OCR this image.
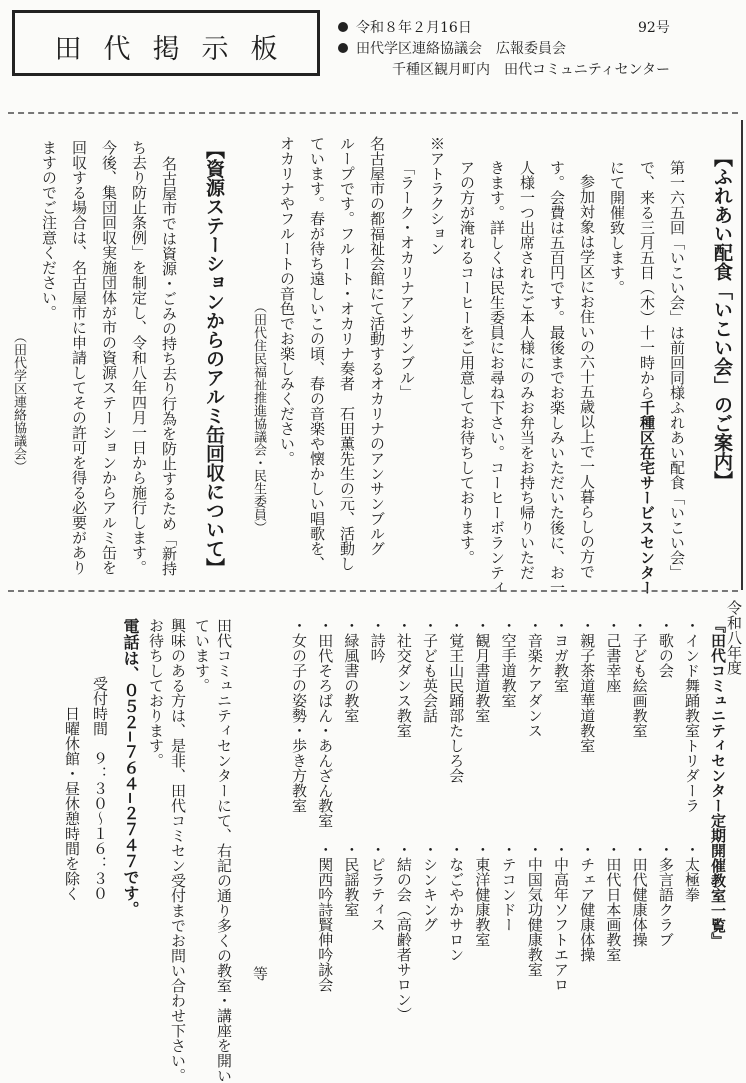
田代掲示板
令和８年２月16日	92号
田代学区連絡協議会　広報委員会
千種区観月町内　田代コミュニティセンター
【ふれあい配食「いこい会」のご案内】
第一六五回「いこい会」は前回同様ふれあい配食「いこい会」
で、来る三月五日（木）十一時から千種区在宅サービスセンター
にて開催致します。
参加対象は学区にお住いの六十五歳以上で一人暮らしの方で
す。会費は五百円です。最後までお楽しみいただいた後に、お一
人様一つ出席されたご本人様にのみお弁当をお持ち帰りいただ
きます。詳しくは民生委員にお尋ね下さい。コーヒーボランティ
アの方が淹れるコーヒーをご用意してお待ちしております。
※アトラクション
「ラーク・オカリナアンサンブル」
名古屋市の都福祉会館にて活動するオカリナのアンサンブルグ
ループです。フルート・オカリナ奏者　石田薫先生の元、活動し
ています。春が待ち遠しいこの頃、春の音楽や懐かしい唱歌を、
オカリナやフルートの音色でお楽しみください。
（田代住民福祉推進協議会・民生委員）
【資源ステーションからのアルミ缶回収について】
名古屋市では資源・ごみの持ち去り行為を防止するため「新持
ち去り防止条例」を制定し、令和八年四月一日から施行します。
今後、集団回収実施団体が市の資源ステーションからアルミ缶を
回収する場合は、名古屋市に申請してその許可を得る必要があり
ますのでご注意ください。
（田代学区連絡協議会）
令和八年度
『田代コミュニティセンター定期開催教室一覧』
・インド舞踊教室トリダーラ
・太極拳
・歌の会
・多言語クラブ
・子ども絵画教室
・田代健康体操
・己書幸座
・田代日本画教室
・親子茶道華道教室
・チェア健康体操
・ヨガ教室
・中高年ソフトエアロ
・音楽ケアダンス
・中国気功健康教室
・空手道教室
・テコンドー
・観月書道教室
・東洋健康教室
・覚王山民踊部たしろ会
・なごやかサロン
・子ども英会話
・シンキング
・社交ダンス教室
・結の会（高齢者サロン）
・詩吟
・ピラティス
・緑風書の教室
・民謡教室
・田代そろばん・あんざん教室
・関西吟詩賢伸吟詠会
・女の子の姿勢・歩き方教室
等
田代コミュニティセンターにて、右記の通り多くの教室・講座を開い
ています。
興味のある方は、是非、田代コミセン受付までお問い合わせ下さい。
お待ちしております。
電話は、０５２−７６４−２７４７です。
受付時間　９：３０〜１６：３０
日曜休館・昼休憩時間を除く
